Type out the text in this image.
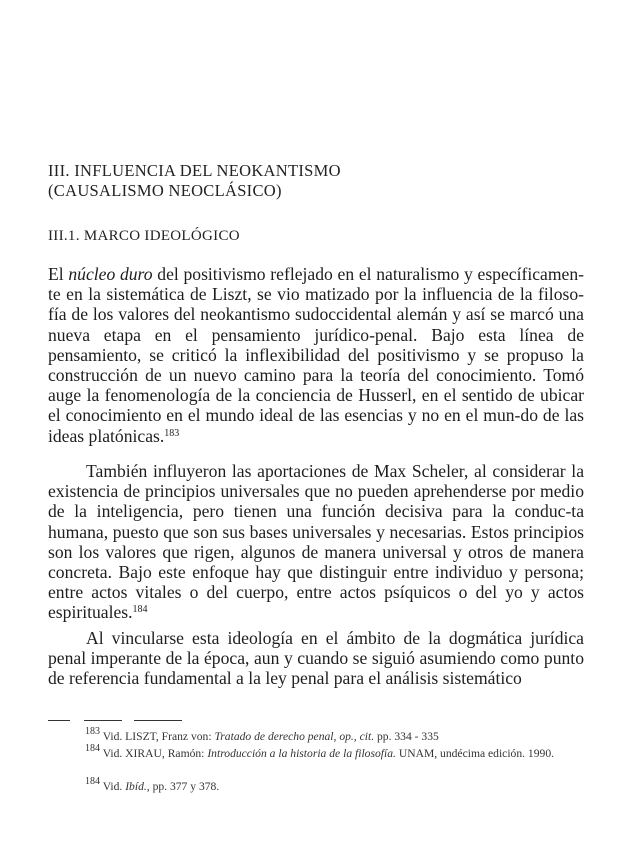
III. INFLUENCIA DEL NEOKANTISMO
(CAUSALISMO NEOCLÁSICO)
III.1. MARCO IDEOLÓGICO

El núcleo duro del positivismo reflejado en el naturalismo y específicamen-te en la sistemática de Liszt, se vio matizado por la influencia de la filoso-fía de los valores del neokantismo sudoccidental alemán y así se marcó una nueva etapa en el pensamiento jurídico-penal. Bajo esta línea de pensamiento, se criticó la inflexibilidad del positivismo y se propuso la construcción de un nuevo camino para la teoría del conocimiento. Tomó auge la fenomenología de la conciencia de Husserl, en el sentido de ubicar el conocimiento en el mundo ideal de las esencias y no en el mun-do de las ideas platónicas.$^{183}$

También influyeron las aportaciones de Max Scheler, al considerar la existencia de principios universales que no pueden aprehenderse por medio de la inteligencia, pero tienen una función decisiva para la conduc-ta humana, puesto que son sus bases universales y necesarias. Estos principios son los valores que rigen, algunos de manera universal y otros de manera concreta. Bajo este enfoque hay que distinguir entre individuo y persona; entre actos vitales o del cuerpo, entre actos psíquicos o del yo y actos espirituales.$^{184}$

Al vincularse esta ideología en el ámbito de la dogmática jurídica penal imperante de la época, aun y cuando se siguió asumiendo como punto de referencia fundamental a la ley penal para el análisis sistemático

$^{183}$ Vid. LISZT, Franz von: Tratado de derecho penal, op., cit. pp. 334 - 335

$^{184}$ Vid. XIRAU, Ramón: Introducción a la historia de la filosofía. UNAM, undécima edición. 1990.

$^{184}$ Vid. Ibíd., pp. 377 y 378.
